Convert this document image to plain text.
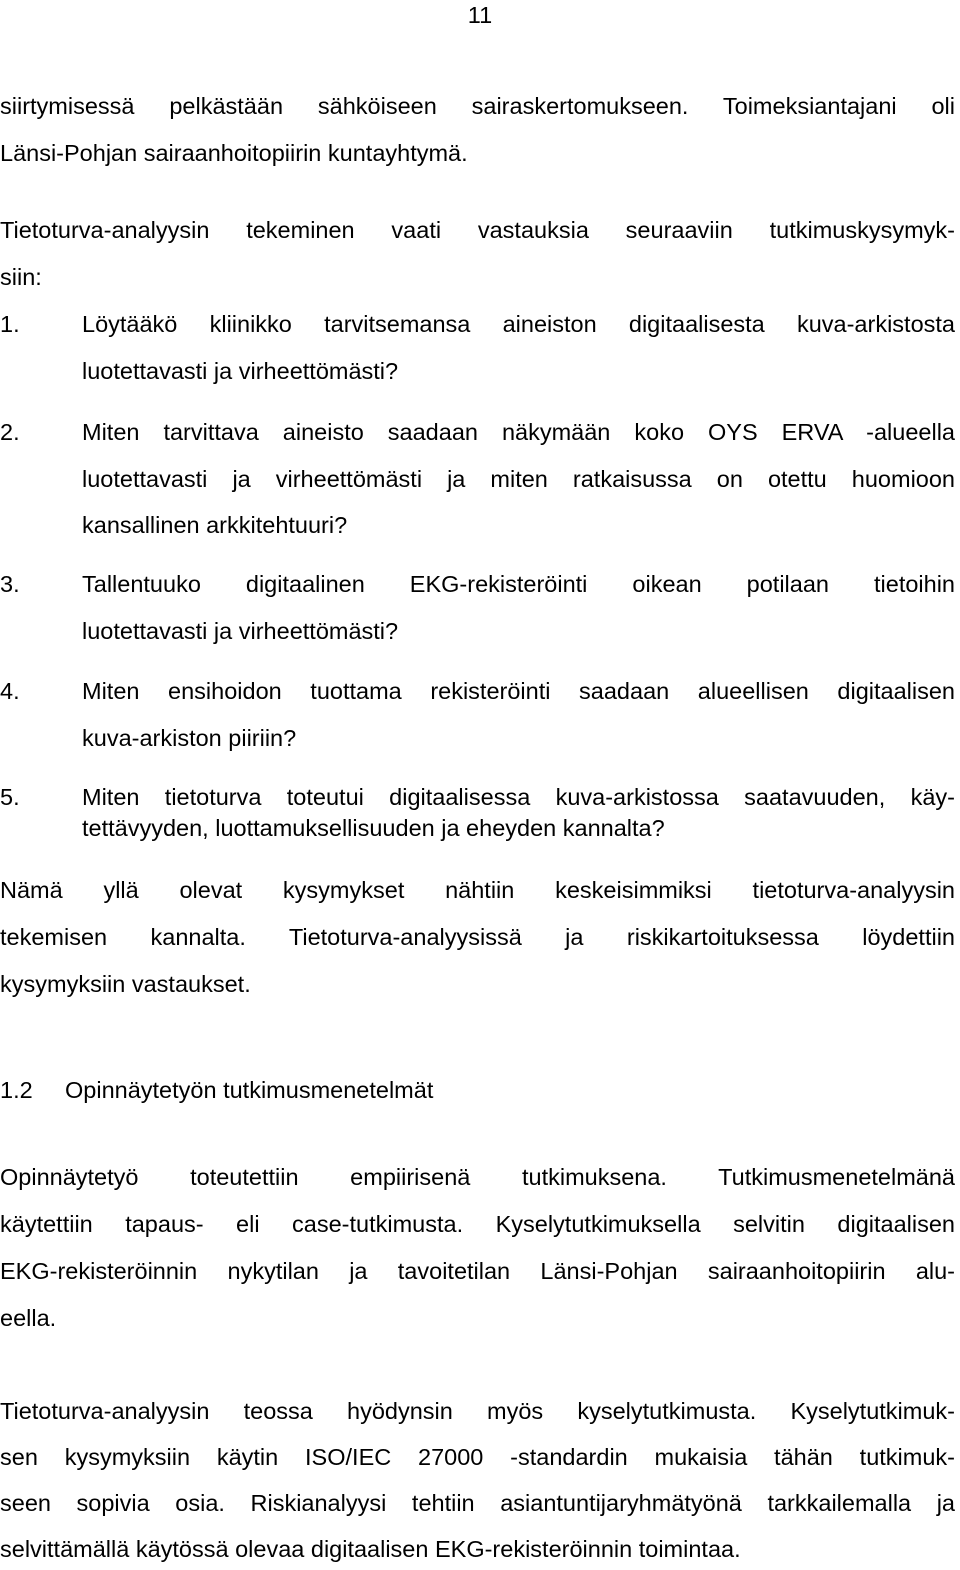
11
siirtymisessä pelkästään sähköiseen sairaskertomukseen. Toimeksiantajani oli
Länsi-Pohjan sairaanhoitopiirin kuntayhtymä.
Tietoturva-analyysin tekeminen vaati vastauksia seuraaviin tutkimuskysymyk-
siin:
1.	Löytääkö kliinikko tarvitsemansa aineiston digitaalisesta kuva-arkistosta
luotettavasti ja virheettömästi?
2.	Miten tarvittava aineisto saadaan näkymään koko OYS ERVA -alueella
luotettavasti ja virheettömästi ja miten ratkaisussa on otettu huomioon
kansallinen arkkitehtuuri?
3.	Tallentuuko digitaalinen EKG-rekisteröinti oikean potilaan tietoihin
luotettavasti ja virheettömästi?
4.	Miten ensihoidon tuottama rekisteröinti saadaan alueellisen digitaalisen
kuva-arkiston piiriin?
5.	Miten tietoturva toteutui digitaalisessa kuva-arkistossa saatavuuden, käy-
tettävyyden, luottamuksellisuuden ja eheyden kannalta?
Nämä yllä olevat kysymykset nähtiin keskeisimmiksi tietoturva-analyysin
tekemisen kannalta. Tietoturva-analyysissä ja riskikartoituksessa löydettiin
kysymyksiin vastaukset.
1.2 Opinnäytetyön tutkimusmenetelmät
Opinnäytetyö toteutettiin empiirisenä tutkimuksena. Tutkimusmenetelmänä
käytettiin tapaus- eli case-tutkimusta. Kyselytutkimuksella selvitin digitaalisen
EKG-rekisteröinnin nykytilan ja tavoitetilan Länsi-Pohjan sairaanhoitopiirin alu-
eella.
Tietoturva-analyysin teossa hyödynsin myös kyselytutkimusta. Kyselytutkimuk-
sen kysymyksiin käytin ISO/IEC 27000 -standardin mukaisia tähän tutkimuk-
seen sopivia osia. Riskianalyysi tehtiin asiantuntijaryhmätyönä tarkkailemalla ja
selvittämällä käytössä olevaa digitaalisen EKG-rekisteröinnin toimintaa.
